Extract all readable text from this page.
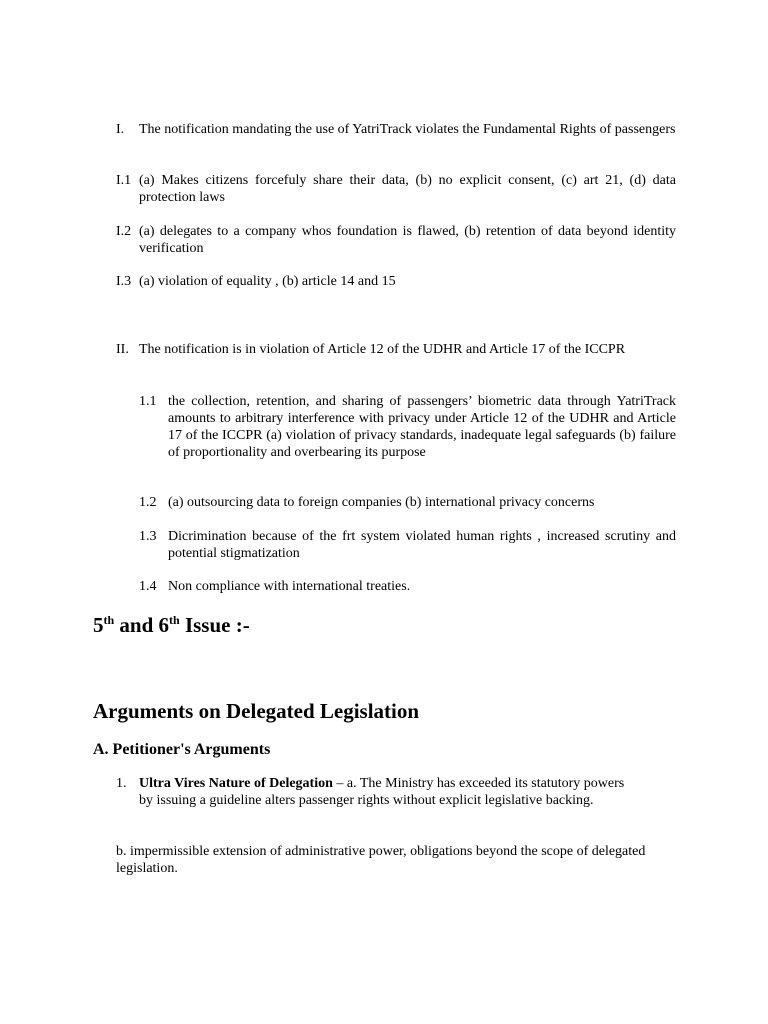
I. The notification mandating the use of YatriTrack violates the Fundamental Rights of passengers
I.1 (a) Makes citizens forcefuly share their data, (b) no explicit consent, (c) art 21, (d) data protection laws
I.2 (a) delegates to a company whos foundation is flawed, (b) retention of data beyond identity verification
I.3 (a) violation of equality , (b) article 14 and 15
II. The notification is in violation of Article 12 of the UDHR and Article 17 of the ICCPR
1.1 the collection, retention, and sharing of passengers’ biometric data through YatriTrack amounts to arbitrary interference with privacy under Article 12 of the UDHR and Article 17 of the ICCPR (a) violation of privacy standards, inadequate legal safeguards (b) failure of proportionality and overbearing its purpose
1.2 (a) outsourcing data to foreign companies (b) international privacy concerns
1.3 Dicrimination because of the frt system violated human rights , increased scrutiny and potential stigmatization
1.4 Non compliance with international treaties.
5th and 6th Issue :-
Arguments on Delegated Legislation
A. Petitioner's Arguments
1. Ultra Vires Nature of Delegation – a. The Ministry has exceeded its statutory powers by issuing a guideline alters passenger rights without explicit legislative backing.
b. impermissible extension of administrative power, obligations beyond the scope of delegated legislation.
